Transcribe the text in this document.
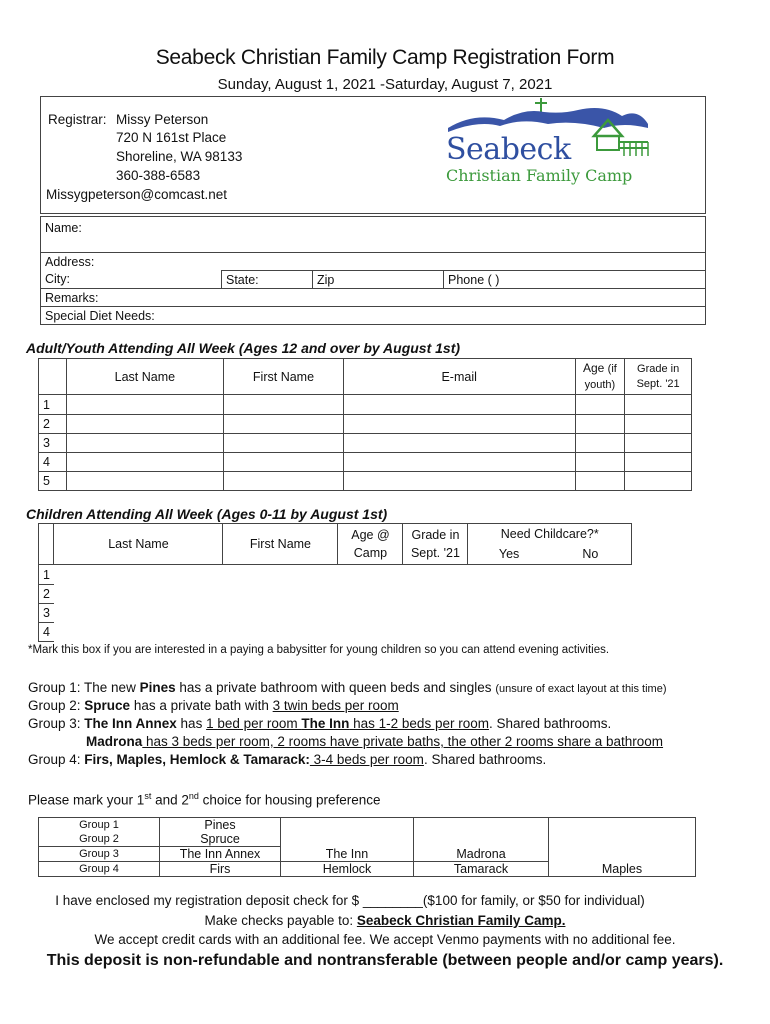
Seabeck Christian Family Camp Registration Form
Sunday, August 1, 2021 -Saturday, August 7, 2021
Registrar: Missy Peterson
720 N 161st Place
Shoreline, WA 98133
360-388-6583
Missygpeterson@comcast.net
Seabeck
Christian Family Camp
Name:
Address:
City:	State:	Zip	Phone ( )
Remarks:
Special Diet Needs:
Adult/Youth Attending All Week (Ages 12 and over by August 1st)
	Last Name	First Name	E-mail	Age (if youth)	Grade in Sept. '21
1					
2					
3					
4					
5					
Children Attending All Week (Ages 0-11 by August 1st)
	Last Name	First Name	Age @ Camp	Grade in Sept. '21	Need Childcare?*
Yes No

1					
2					
3					
4					
*Mark this box if you are interested in a paying a babysitter for young children so you can attend evening activities.
Group 1: The new Pines has a private bathroom with queen beds and singles (unsure of exact layout at this time)
Group 2: Spruce has a private bath with 3 twin beds per room
Group 3: The Inn Annex has 1 bed per room The Inn has 1-2 beds per room. Shared bathrooms.
Madrona has 3 beds per room, 2 rooms have private baths, the other 2 rooms share a bathroom
Group 4: Firs, Maples, Hemlock & Tamarack: 3-4 beds per room. Shared bathrooms.
Please mark your 1st and 2nd choice for housing preference
Group 1	Pines			
Group 2	Spruce			
Group 3	The Inn Annex	The Inn	Madrona	
Group 4	Firs	Hemlock	Tamarack	Maples
I have enclosed my registration deposit check for $ ________($100 for family, or $50 for individual)
Make checks payable to: Seabeck Christian Family Camp.
We accept credit cards with an additional fee. We accept Venmo payments with no additional fee.
This deposit is non-refundable and nontransferable (between people and/or camp years).
